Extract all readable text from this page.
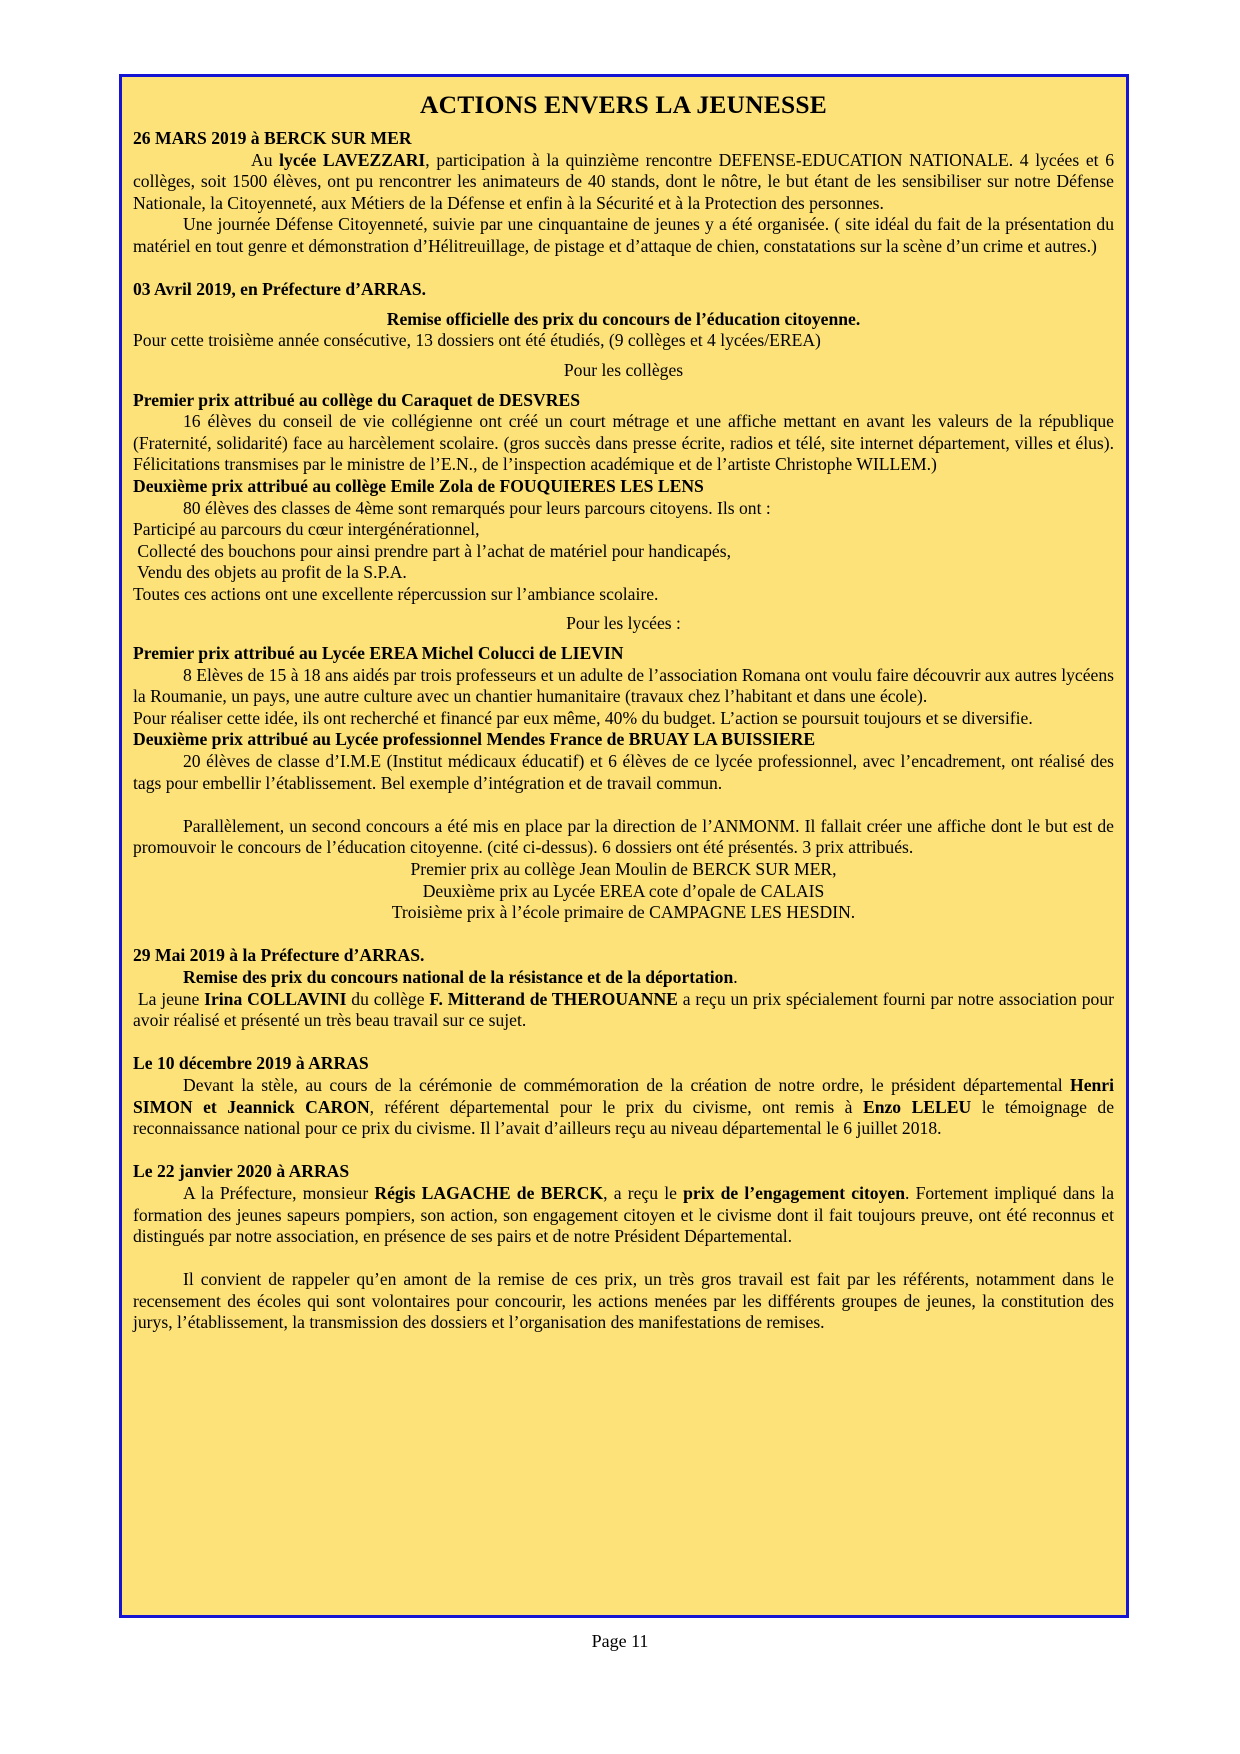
ACTIONS ENVERS LA JEUNESSE

26 MARS 2019 à BERCK SUR MER

Au lycée LAVEZZARI, participation à la quinzième rencontre DEFENSE-EDUCATION NATIONALE. 4 lycées et 6 collèges, soit 1500 élèves, ont pu rencontrer les animateurs de 40 stands, dont le nôtre, le but étant de les sensibiliser sur notre Défense Nationale, la Citoyenneté, aux Métiers de la Défense et enfin à la Sécurité et à la Protection des personnes.

Une journée Défense Citoyenneté, suivie par une cinquantaine de jeunes y a été organisée. ( site idéal du fait de la présentation du matériel en tout genre et démonstration d’Hélitreuillage, de pistage et d’attaque de chien, constatations sur la scène d’un crime et autres.)

03 Avril 2019, en Préfecture d’ARRAS.

Remise officielle des prix du concours de l’éducation citoyenne.

Pour cette troisième année consécutive, 13 dossiers ont été étudiés, (9 collèges et 4 lycées/EREA)

Pour les collèges

Premier prix attribué au collège du Caraquet de DESVRES

16 élèves du conseil de vie collégienne ont créé un court métrage et une affiche mettant en avant les valeurs de la république (Fraternité, solidarité) face au harcèlement scolaire. (gros succès dans presse écrite, radios et télé, site internet département, villes et élus). Félicitations transmises par le ministre de l’E.N., de l’inspection académique et de l’artiste Christophe WILLEM.)

Deuxième prix attribué au collège Emile Zola de FOUQUIERES LES LENS

80 élèves des classes de 4ème sont remarqués pour leurs parcours citoyens. Ils ont :

Participé au parcours du cœur intergénérationnel,

Collecté des bouchons pour ainsi prendre part à l’achat de matériel pour handicapés,

Vendu des objets au profit de la S.P.A.

Toutes ces actions ont une excellente répercussion sur l’ambiance scolaire.

Pour les lycées :

Premier prix attribué au Lycée EREA Michel Colucci de LIEVIN

8 Elèves de 15 à 18 ans aidés par trois professeurs et un adulte de l’association Romana ont voulu faire découvrir aux autres lycéens la Roumanie, un pays, une autre culture avec un chantier humanitaire (travaux chez l’habitant et dans une école).

Pour réaliser cette idée, ils ont recherché et financé par eux même, 40% du budget. L’action se poursuit toujours et se diversifie.

Deuxième prix attribué au Lycée professionnel Mendes France de BRUAY LA BUISSIERE

20 élèves de classe d’I.M.E (Institut médicaux éducatif) et 6 élèves de ce lycée professionnel, avec l’encadrement, ont réalisé des tags pour embellir l’établissement. Bel exemple d’intégration et de travail commun.

Parallèlement, un second concours a été mis en place par la direction de l’ANMONM. Il fallait créer une affiche dont le but est de promouvoir le concours de l’éducation citoyenne. (cité ci-dessus). 6 dossiers ont été présentés. 3 prix attribués.

Premier prix au collège Jean Moulin de BERCK SUR MER,

Deuxième prix au Lycée EREA cote d’opale de CALAIS

Troisième prix à l’école primaire de CAMPAGNE LES HESDIN.

29 Mai 2019 à la Préfecture d’ARRAS.

Remise des prix du concours national de la résistance et de la déportation.

La jeune Irina COLLAVINI du collège F. Mitterand de THEROUANNE a reçu un prix spécialement fourni par notre association pour avoir réalisé et présenté un très beau travail sur ce sujet.

Le 10 décembre 2019 à ARRAS

Devant la stèle, au cours de la cérémonie de commémoration de la création de notre ordre, le président départemental Henri SIMON et Jeannick CARON, référent départemental pour le prix du civisme, ont remis à Enzo LELEU le témoignage de reconnaissance national pour ce prix du civisme. Il l’avait d’ailleurs reçu au niveau départemental le 6 juillet 2018.

Le 22 janvier 2020 à ARRAS

A la Préfecture, monsieur Régis LAGACHE de BERCK, a reçu le prix de l’engagement citoyen. Fortement impliqué dans la formation des jeunes sapeurs pompiers, son action, son engagement citoyen et le civisme dont il fait toujours preuve, ont été reconnus et distingués par notre association, en présence de ses pairs et de notre Président Départemental.

Il convient de rappeler qu’en amont de la remise de ces prix, un très gros travail est fait par les référents, notamment dans le recensement des écoles qui sont volontaires pour concourir, les actions menées par les différents groupes de jeunes, la constitution des jurys, l’établissement, la transmission des dossiers et l’organisation des manifestations de remises.

Page 11
